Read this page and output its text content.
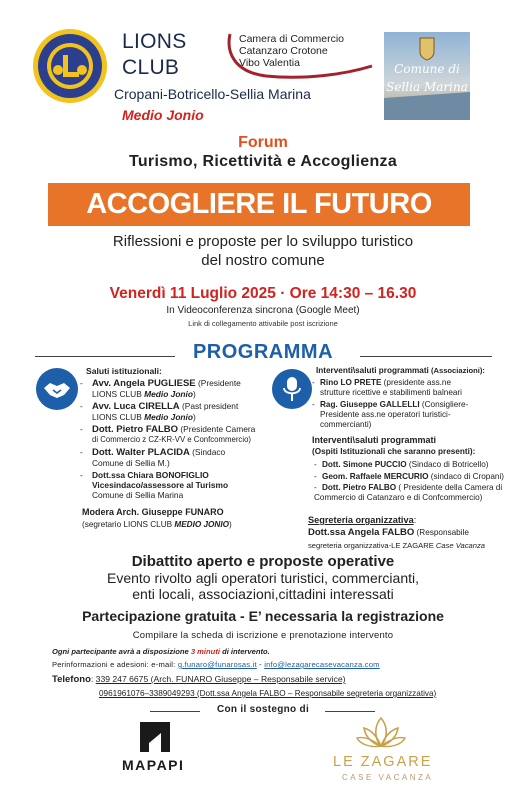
LIONS
CLUB
Cropani-Botricello-Sellia Marina
Medio Jonio
Camera di Commercio
Catanzaro Crotone
Vibo Valentia	Comune di
Sellia Marina
Forum
Turismo, Ricettività e Accoglienza
ACCOGLIERE IL FUTURO
Riflessioni e proposte per lo sviluppo turistico
del nostro comune
Venerdì 11 Luglio 2025 · Ore 14:30 – 16.30
In Videoconferenza sincrona (Google Meet)
Link di collegamento attivabile post iscrizione
PROGRAMMA
Saluti istituzionali:
- Avv. Angela PUGLIESE (Presidente
LIONS CLUB Medio Jonio)
- Avv. Luca CIRELLA (Past president
LIONS CLUB Medio Jonio)
- Dott. Pietro FALBO (Presidente Camera
di Commercio z CZ-KR-VV e Confcommercio)
- Dott. Walter PLACIDA (Sindaco
Comune di Sellia M.)
- Dott.ssa Chiara BONOFIGLIO
Vicesindaco/assessore al Turismo
Comune di Sellia Marina
Modera Arch. Giuseppe FUNARO
(segretario LIONS CLUB MEDIO JONIO)
Interventi\saluti programmati (Associazioni):
- Rino LO PRETE (presidente ass.ne
strutture ricettive e stabilimenti balneari
- Rag. Giuseppe GALLELLI (Consigliere-
Presidente ass.ne operatori turistici-
commercianti)
Interventi\saluti programmati
(Ospiti Istituzionali che saranno presenti):
- Dott. Simone PUCCIO (Sindaco di Botricello)
- Geom. Raffaele MERCURIO (sindaco di Cropani)
- Dott. Pietro FALBO ( Presidente della Camera di
Commercio di Catanzaro e di Confcommercio)
Segreteria organizzativa:
Dott.ssa Angela FALBO (Responsabile
segreteria organizzativa-LE ZAGARE Case Vacanza
Dibattito aperto e proposte operative
Evento rivolto agli operatori turistici, commercianti,
enti locali, associazioni,cittadini interessati
Partecipazione gratuita - E’ necessaria la registrazione
Compilare la scheda di iscrizione e prenotazione intervento
Ogni partecipante avrà a disposizione 3 minuti di intervento.
Perinformazioni e adesioni: e-mail: g.funaro@funarosas.it - info@lezagarecasevacanza.com
Telefono: 339 247 6675 (Arch. FUNARO Giuseppe – Responsabile service)
0961961076–3389049293 (Dott.ssa Angela FALBO – Responsabile segreteria organizzativa)
Con il sostegno di
MAPAPI	LE ZAGARE
CASE VACANZA
